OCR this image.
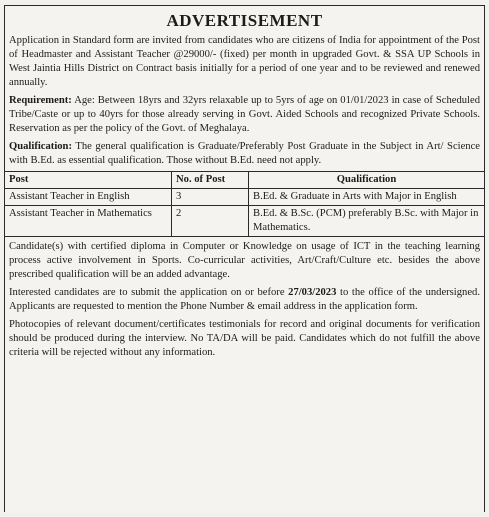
ADVERTISEMENT
Application in Standard form are invited from candidates who are citizens of India for appointment of the Post of Headmaster and Assistant Teacher @29000/- (fixed) per month in upgraded Govt. & SSA UP Schools in West Jaintia Hills District on Contract basis initially for a period of one year and to be reviewed and renewed annually.
Requirement: Age: Between 18yrs and 32yrs relaxable up to 5yrs of age on 01/01/2023 in case of Scheduled Tribe/Caste or up to 40yrs for those already serving in Govt. Aided Schools and recognized Private Schools. Reservation as per the policy of the Govt. of Meghalaya.
Qualification: The general qualification is Graduate/Preferably Post Graduate in the Subject in Art/ Science with B.Ed. as essential qualification. Those without B.Ed. need not apply.
Post	No. of Post	Qualification
Assistant Teacher in English	3	B.Ed. & Graduate in Arts with Major in English
Assistant Teacher in Mathematics	2	B.Ed. & B.Sc. (PCM) preferably B.Sc. with Major in Mathematics.
Candidate(s) with certified diploma in Computer or Knowledge on usage of ICT in the teaching learning process active involvement in Sports. Co-curricular activities, Art/Craft/Culture etc. besides the above prescribed qualification will be an added advantage.
Interested candidates are to submit the application on or before 27/03/2023 to the office of the undersigned. Applicants are requested to mention the Phone Number & email address in the application form.
Photocopies of relevant document/certificates testimonials for record and original documents for verification should be produced during the interview. No TA/DA will be paid. Candidates which do not fulfill the above criteria will be rejected without any information.
